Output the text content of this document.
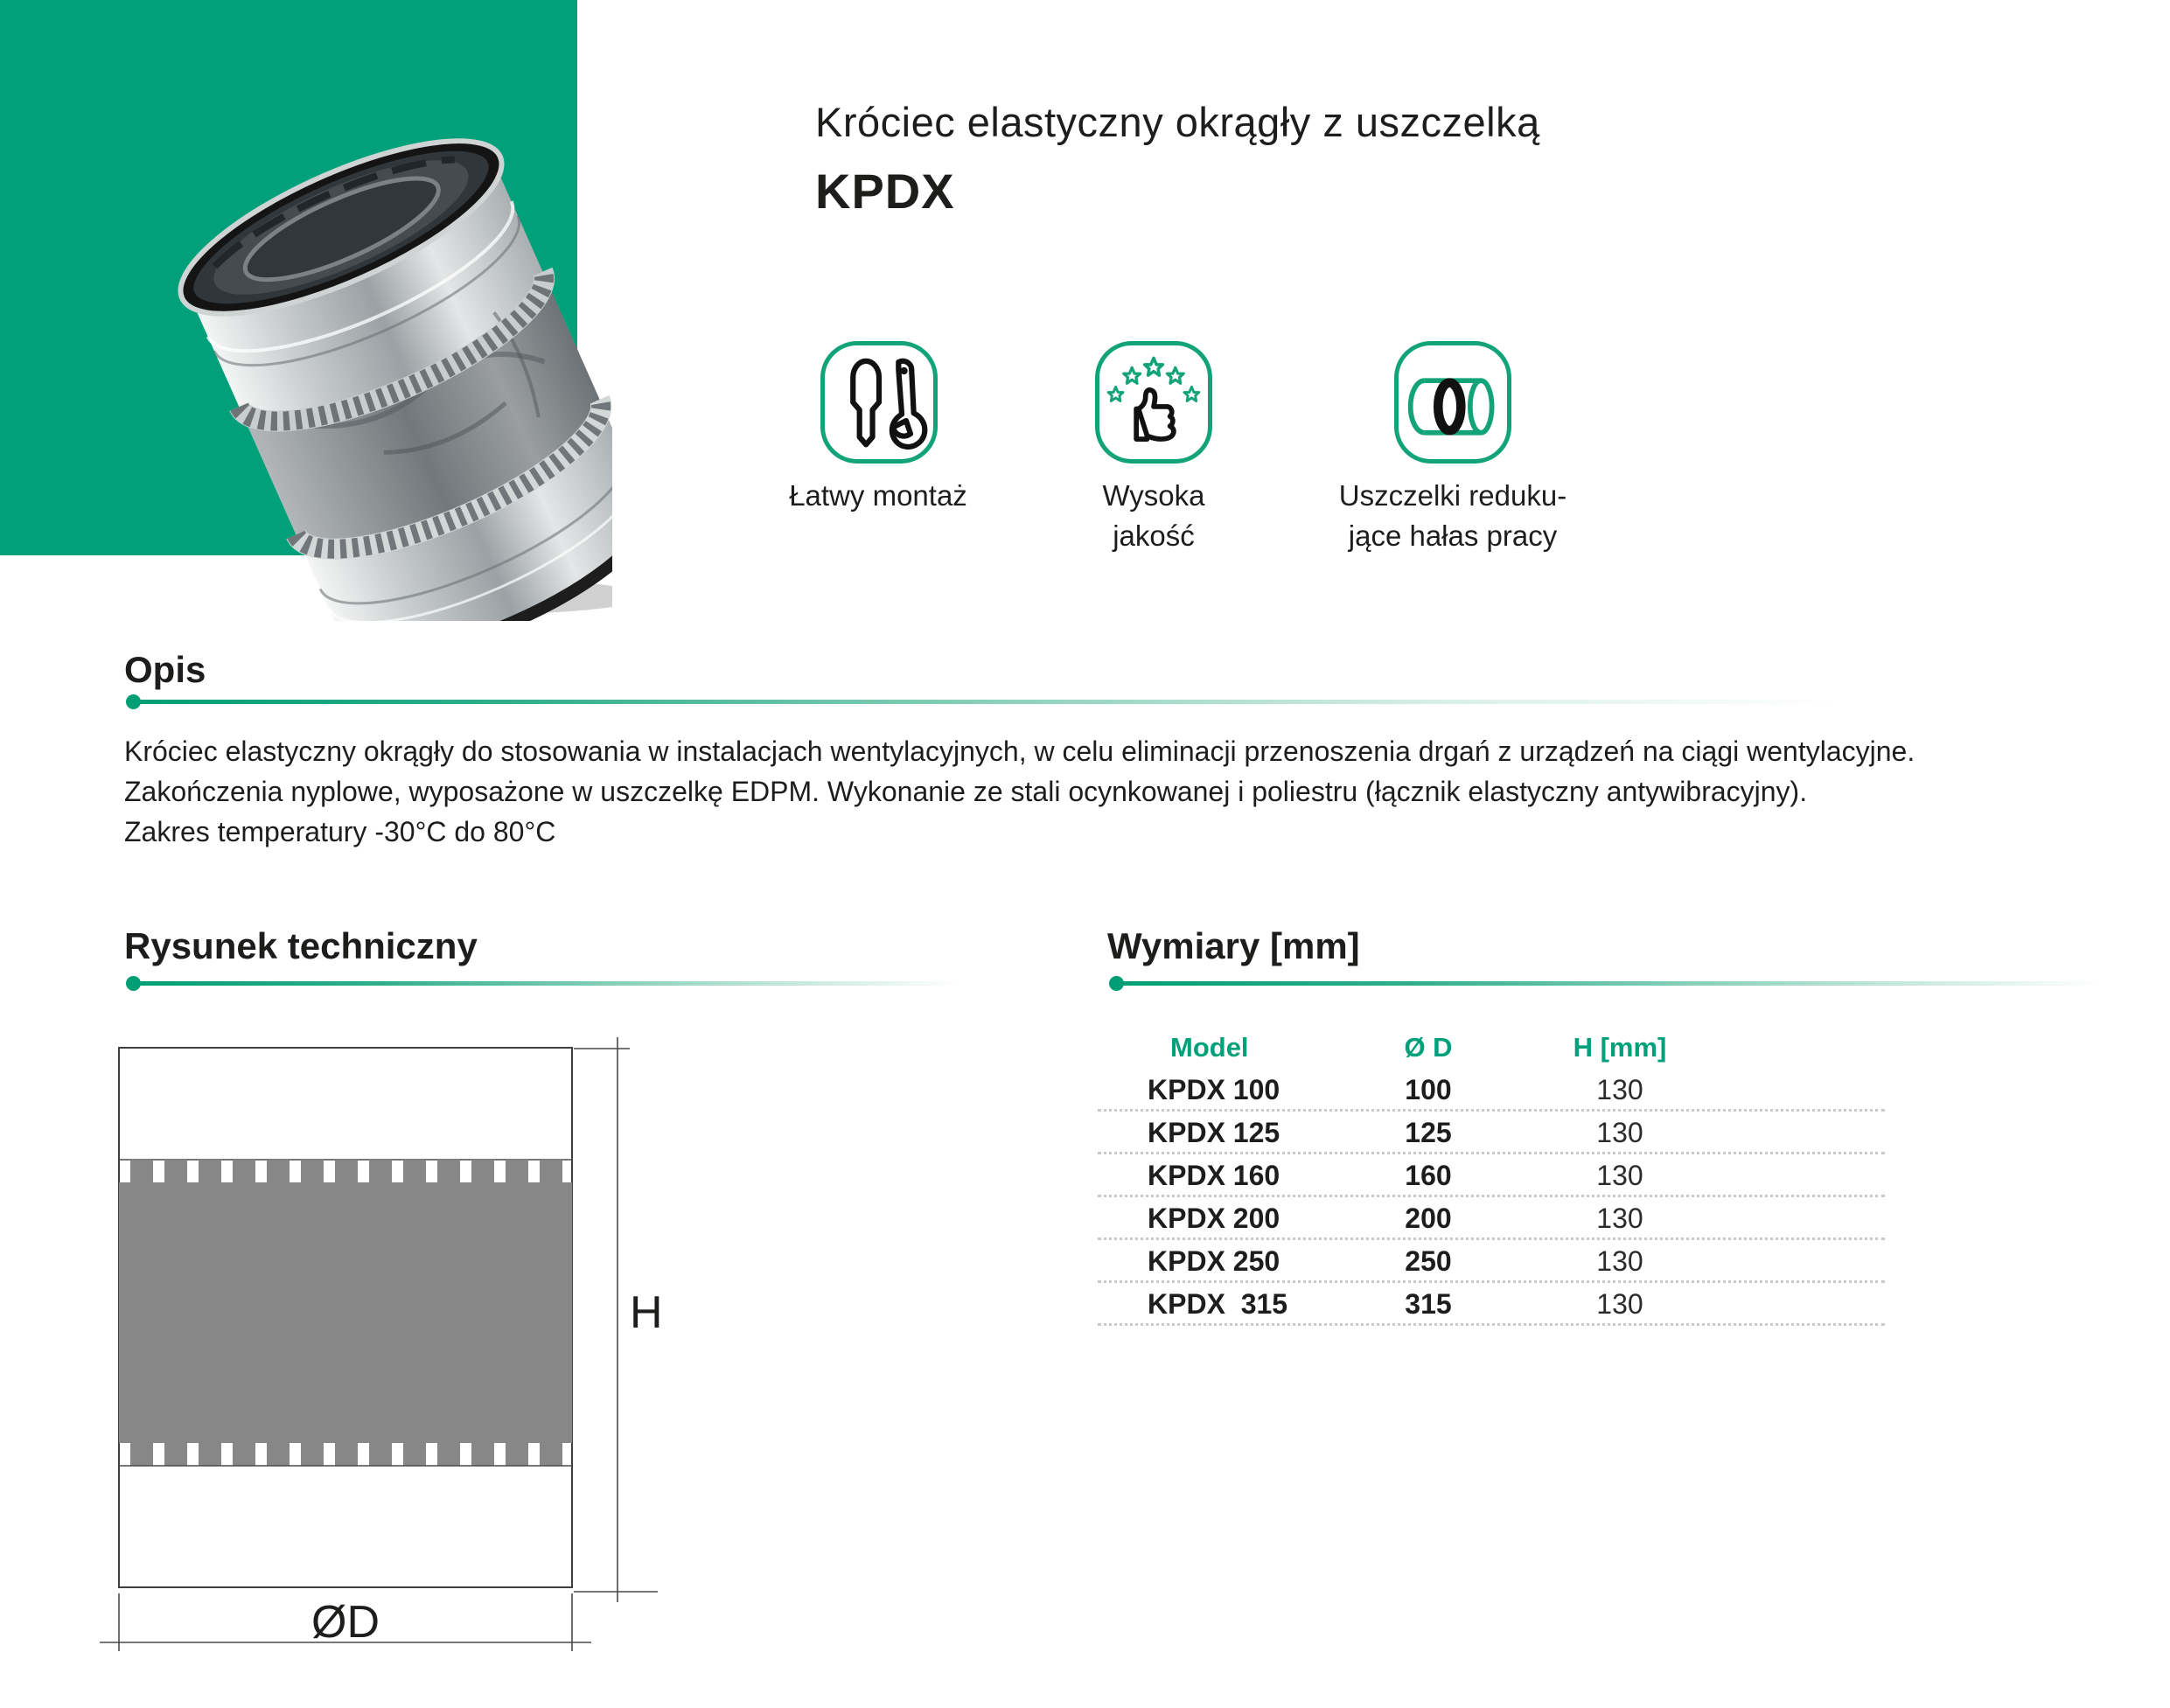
Króciec elastyczny okrągły z uszczelką
KPDX
Łatwy montaż	Wysoka
jakość
Uszczelki reduku-
jące hałas pracy
Opis
Króciec elastyczny okrągły do stosowania w instalacjach wentylacyjnych, w celu eliminacji przenoszenia drgań z urządzeń na ciągi wentylacyjne.
Zakończenia nyplowe, wyposażone w uszczelkę EDPM. Wykonanie ze stali ocynkowanej i poliestru (łącznik elastyczny antywibracyjny).
Zakres temperatury -30°C do 80°C
Rysunek techniczny	Wymiary [mm]
H
ØD
Model	Ø D	H [mm]
KPDX 100	100	130
KPDX 125	125	130
KPDX 160	160	130
KPDX 200	200	130
KPDX 250	250	130
KPDX  315	315	130
